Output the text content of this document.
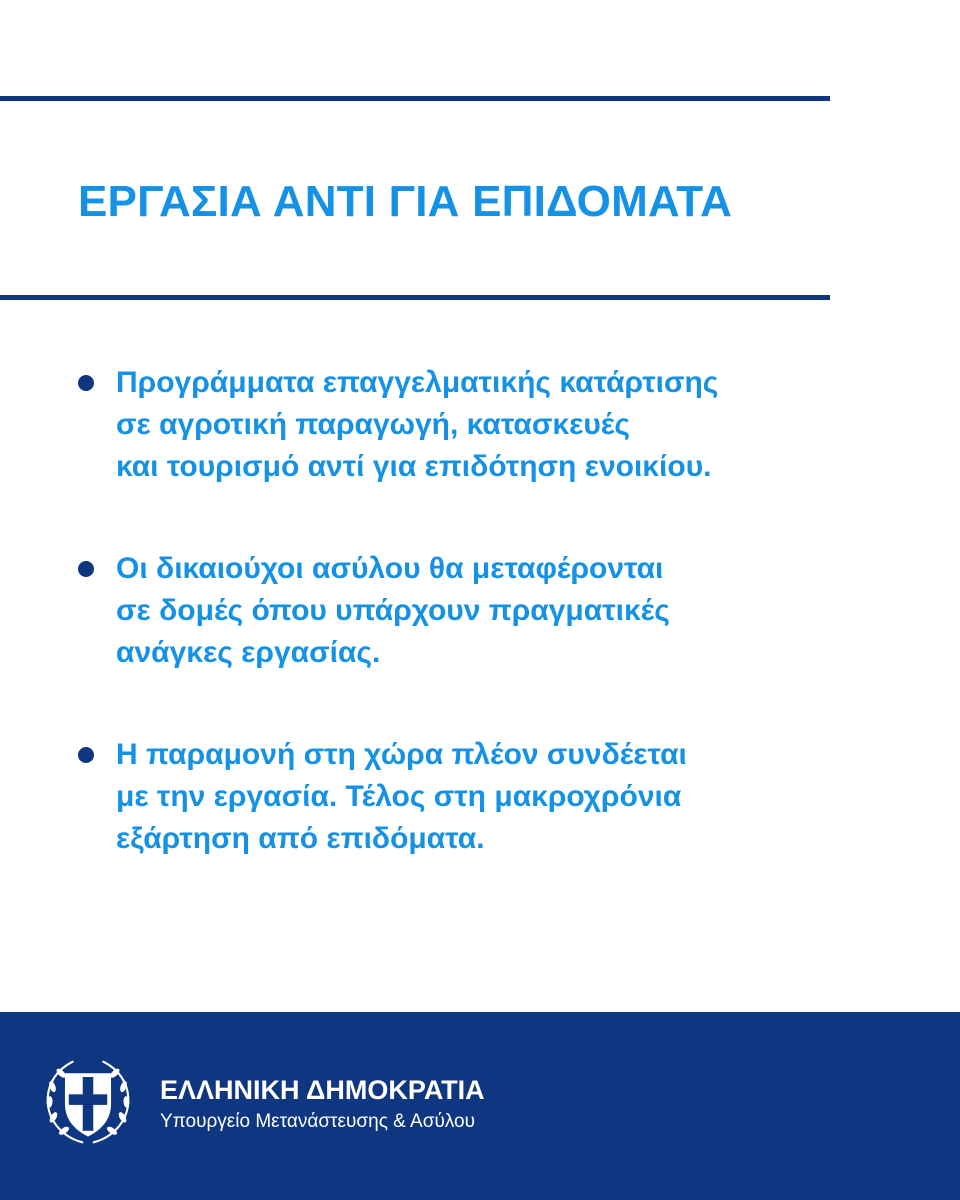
ΕΡΓΑΣΙΑ ΑΝΤΙ ΓΙΑ ΕΠΙΔΟΜΑΤΑ
Προγράμματα επαγγελματικής κατάρτισης
σε αγροτική παραγωγή, κατασκευές
και τουρισμό αντί για επιδότηση ενοικίου.
Οι δικαιούχοι ασύλου θα μεταφέρονται
σε δομές όπου υπάρχουν πραγματικές
ανάγκες εργασίας.
Η παραμονή στη χώρα πλέον συνδέεται
με την εργασία. Τέλος στη μακροχρόνια
εξάρτηση από επιδόματα.
ΕΛΛΗΝΙΚΗ ΔΗΜΟΚΡΑΤΙΑ
Υπουργείο Μετανάστευσης & Ασύλου
